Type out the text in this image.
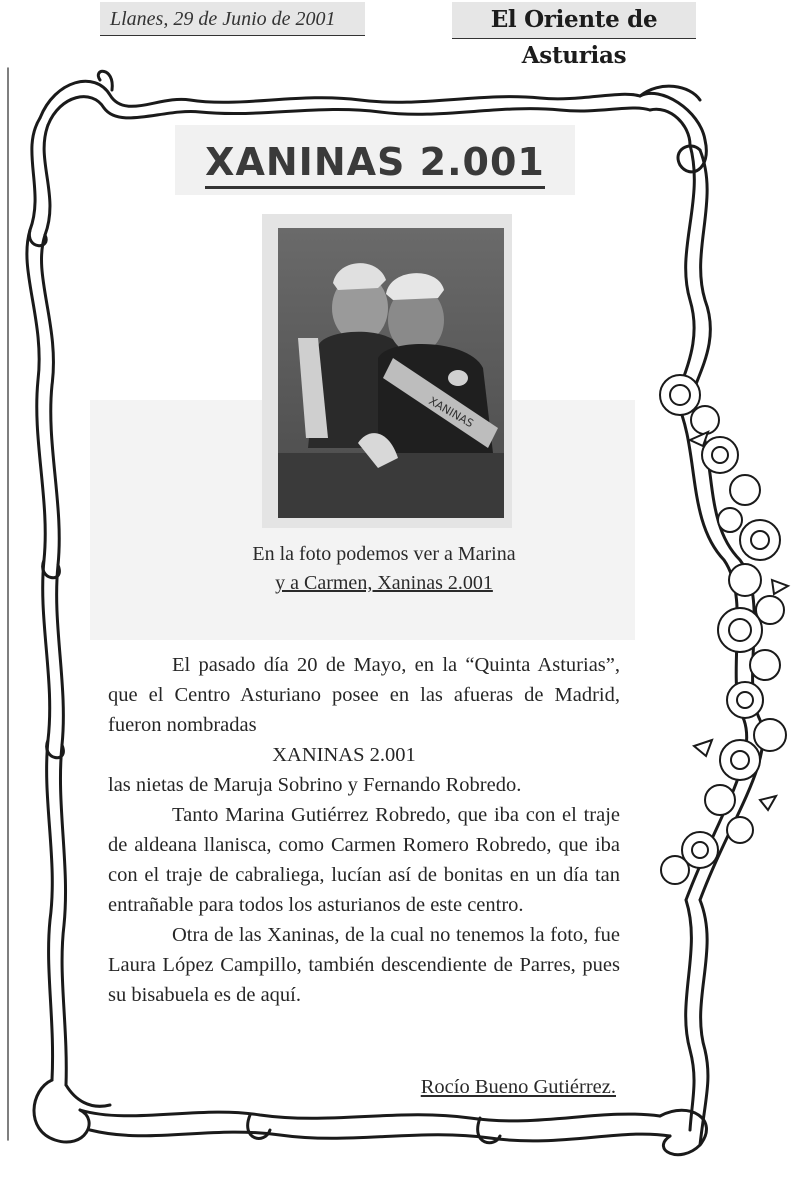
Llanes, 29 de Junio de 2001	El Oriente de Asturias
XANINAS 2.001
XANINAS
En la foto podemos ver a Marina
y a Carmen, Xaninas 2.001

El pasado día 20 de Mayo, en la “Quinta Asturias”, que el Centro Asturiano posee en las afueras de Madrid, fueron nombradas

XANINAS 2.001

las nietas de Maruja Sobrino y Fernando Robredo.

Tanto Marina Gutiérrez Robredo, que iba con el traje de aldeana llanisca, como Carmen Romero Robredo, que iba con el traje de cabraliega, lucían así de bonitas en un día tan entrañable para todos los asturianos de este centro.

Otra de las Xaninas, de la cual no tenemos la foto, fue Laura López Campillo, también descendiente de Parres, pues su bisabuela es de aquí.

Rocío Bueno Gutiérrez.
